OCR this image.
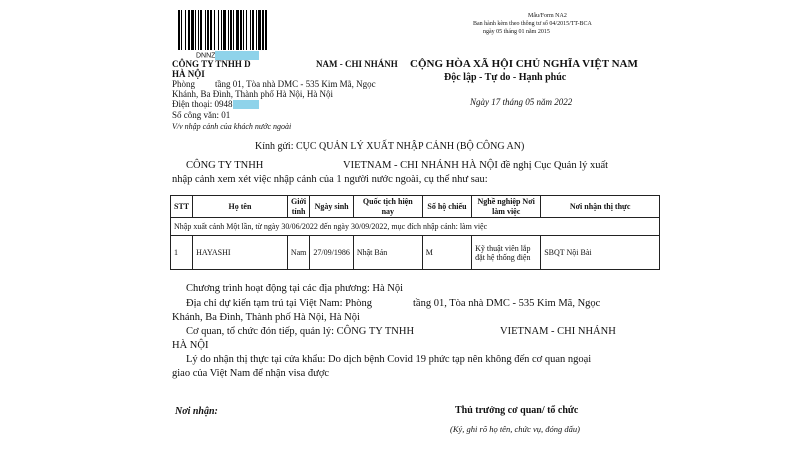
DNNZ
Mẫu/Form NA2
Ban hành kèm theo thông tư số 04/2015/TT-BCA
ngày 05 tháng 01 năm 2015
CÔNG TY TNHH D	NAM - CHI NHÁNH
HÀ NỘI
Phòng tầng 01, Tòa nhà DMC - 535 Kim Mã, Ngọc
Khánh, Ba Đình, Thành phố Hà Nội, Hà Nội
Điện thoại: 0948
Số công văn: 01
V/v nhập cảnh của khách nước ngoài
CỘNG HÒA XÃ HỘI CHỦ NGHĨA VIỆT NAM
Độc lập - Tự do - Hạnh phúc
Ngày 17 tháng 05 năm 2022
Kính gửi: CỤC QUẢN LÝ XUẤT NHẬP CẢNH (BỘ CÔNG AN)
CÔNG TY TNHH	VIETNAM - CHI NHÁNH HÀ NỘI đề nghị Cục Quản lý xuất
nhập cảnh xem xét việc nhập cảnh của 1 người nước ngoài, cụ thể như sau:
STT	Họ tên	Giới tính	Ngày sinh	Quốc tịch hiện nay	Số hộ chiếu	Nghề nghiệp Nơi làm việc	Nơi nhận thị thực
Nhập xuất cảnh Một lần, từ ngày 30/06/2022 đến ngày 30/09/2022, mục đích nhập cảnh: làm việc							
1	HAYASHI	Nam	27/09/1986	Nhật Bản	M	Kỹ thuật viên lắp đặt hệ thống điện	SBQT Nội Bài
Chương trình hoạt động tại các địa phương: Hà Nội
Địa chỉ dự kiến tạm trú tại Việt Nam: Phòng	tầng 01, Tòa nhà DMC - 535 Kim Mã, Ngọc
Khánh, Ba Đình, Thành phố Hà Nội, Hà Nội
Cơ quan, tổ chức đón tiếp, quản lý: CÔNG TY TNHH	VIETNAM - CHI NHÁNH
HÀ NỘI
Lý do nhận thị thực tại cửa khẩu: Do dịch bệnh Covid 19 phức tạp nên không đến cơ quan ngoại
giao của Việt Nam để nhận visa được
Nơi nhận:	Thủ trưởng cơ quan/ tổ chức
(Ký, ghi rõ họ tên, chức vụ, đóng dấu)
